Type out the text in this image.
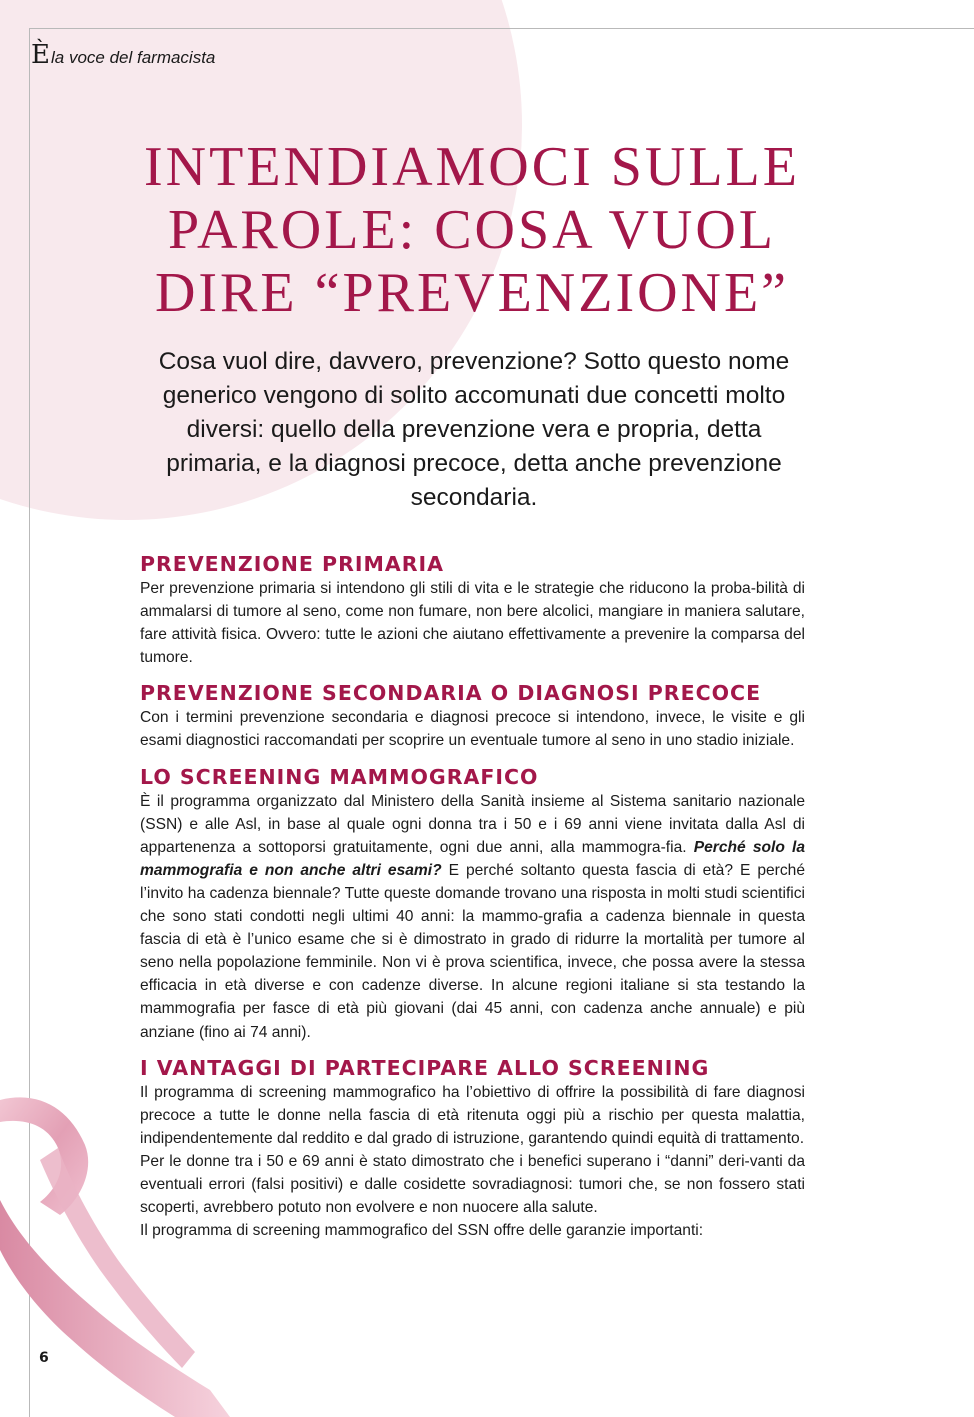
È la voce del farmacista
INTENDIAMOCI SULLE
PAROLE: COSA VUOL
DIRE “PREVENZIONE”

Cosa vuol dire, davvero, prevenzione? Sotto questo nome generico vengono di solito accomunati due concetti molto diversi: quello della prevenzione vera e propria, detta primaria, e la diagnosi precoce, detta anche prevenzione secondaria.

PREVENZIONE PRIMARIA

Per prevenzione primaria si intendono gli stili di vita e le strategie che riducono la proba-bilità di ammalarsi di tumore al seno, come non fumare, non bere alcolici, mangiare in maniera salutare, fare attività fisica. Ovvero: tutte le azioni che aiutano effettivamente a prevenire la comparsa del tumore.

PREVENZIONE SECONDARIA O DIAGNOSI PRECOCE

Con i termini prevenzione secondaria e diagnosi precoce si intendono, invece, le visite e gli esami diagnostici raccomandati per scoprire un eventuale tumore al seno in uno stadio iniziale.

LO SCREENING MAMMOGRAFICO

È il programma organizzato dal Ministero della Sanità insieme al Sistema sanitario nazionale (SSN) e alle Asl, in base al quale ogni donna tra i 50 e i 69 anni viene invitata dalla Asl di appartenenza a sottoporsi gratuitamente, ogni due anni, alla mammogra-fia. Perché solo la mammografia e non anche altri esami? E perché soltanto questa fascia di età? E perché l’invito ha cadenza biennale? Tutte queste domande trovano una risposta in molti studi scientifici che sono stati condotti negli ultimi 40 anni: la mammo-grafia a cadenza biennale in questa fascia di età è l’unico esame che si è dimostrato in grado di ridurre la mortalità per tumore al seno nella popolazione femminile. Non vi è prova scientifica, invece, che possa avere la stessa efficacia in età diverse e con cadenze diverse. In alcune regioni italiane si sta testando la mammografia per fasce di età più giovani (dai 45 anni, con cadenza anche annuale) e più anziane (fino ai 74 anni).

I VANTAGGI DI PARTECIPARE ALLO SCREENING

Il programma di screening mammografico ha l’obiettivo di offrire la possibilità di fare diagnosi precoce a tutte le donne nella fascia di età ritenuta oggi più a rischio per questa malattia, indipendentemente dal reddito e dal grado di istruzione, garantendo quindi equità di trattamento.

Per le donne tra i 50 e 69 anni è stato dimostrato che i benefici superano i “danni” deri-vanti da eventuali errori (falsi positivi) e dalle cosidette sovradiagnosi: tumori che, se non fossero stati scoperti, avrebbero potuto non evolvere e non nuocere alla salute.

Il programma di screening mammografico del SSN offre delle garanzie importanti:

6
